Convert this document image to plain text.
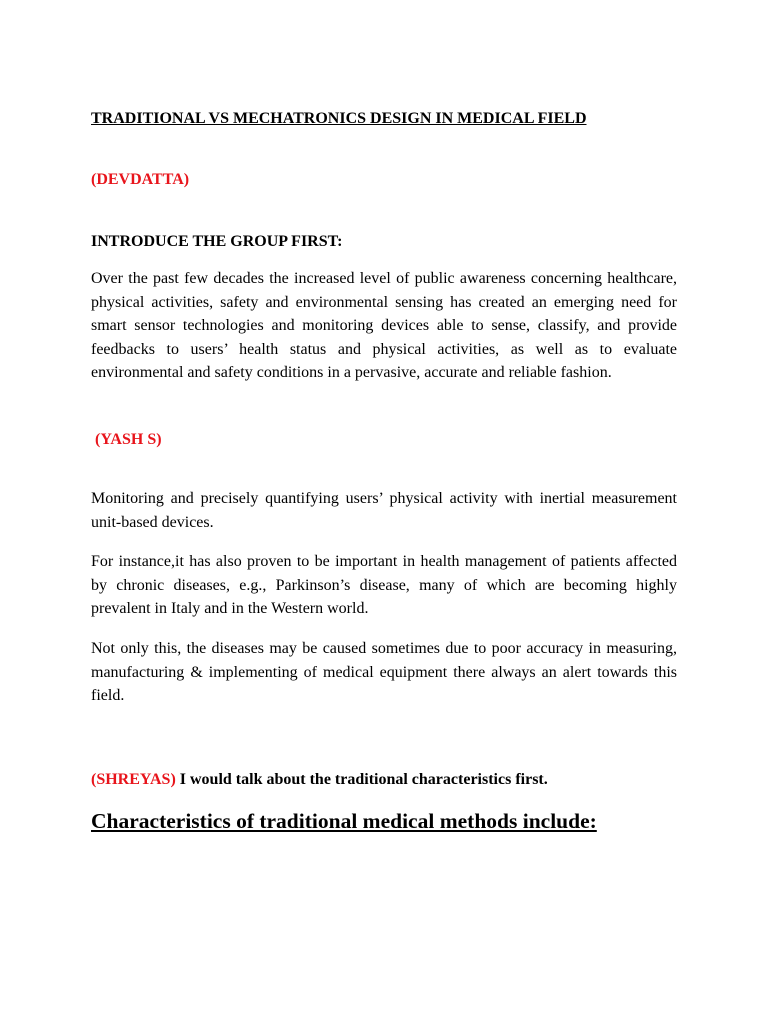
TRADITIONAL VS MECHATRONICS DESIGN IN MEDICAL FIELD
(DEVDATTA)
INTRODUCE THE GROUP FIRST:
Over the past few decades the increased level of public awareness concerning healthcare, physical activities, safety and environmental sensing has created an emerging need for smart sensor technologies and monitoring devices able to sense, classify, and provide feedbacks to users’ health status and physical activities, as well as to evaluate environmental and safety conditions in a pervasive, accurate and reliable fashion.
(YASH S)
Monitoring and precisely quantifying users’ physical activity with inertial measurement unit-based devices.
For instance,it has also proven to be important in health management of patients affected by chronic diseases, e.g., Parkinson’s disease, many of which are becoming highly prevalent in Italy and in the Western world.
Not only this, the diseases may be caused sometimes due to poor accuracy in measuring, manufacturing & implementing of medical equipment there always an alert towards this field.
(SHREYAS) I would talk about the traditional characteristics first.
Characteristics of traditional medical methods include:
